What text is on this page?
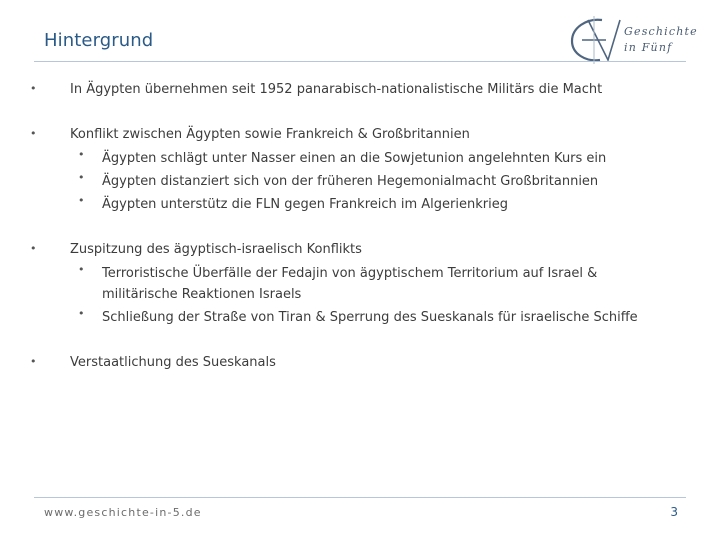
Hintergrund	Geschichte
in Fünf
•	In Ägypten übernehmen seit 1952 panarabisch-nationalistische Militärs die Macht
•	Konflikt zwischen Ägypten sowie Frankreich & Großbritannien
• Ägypten schlägt unter Nasser einen an die Sowjetunion angelehnten Kurs ein
• Ägypten distanziert sich von der früheren Hegemonialmacht Großbritannien
• Ägypten unterstütz die FLN gegen Frankreich im Algerienkrieg
•	Zuspitzung des ägyptisch-israelisch Konflikts
• Terroristische Überfälle der Fedajin von ägyptischem Territorium auf Israel & militärische Reaktionen Israels
• Schließung der Straße von Tiran & Sperrung des Sueskanals für israelische Schiffe
•	Verstaatlichung des Sueskanals
www.geschichte-in-5.de	3
